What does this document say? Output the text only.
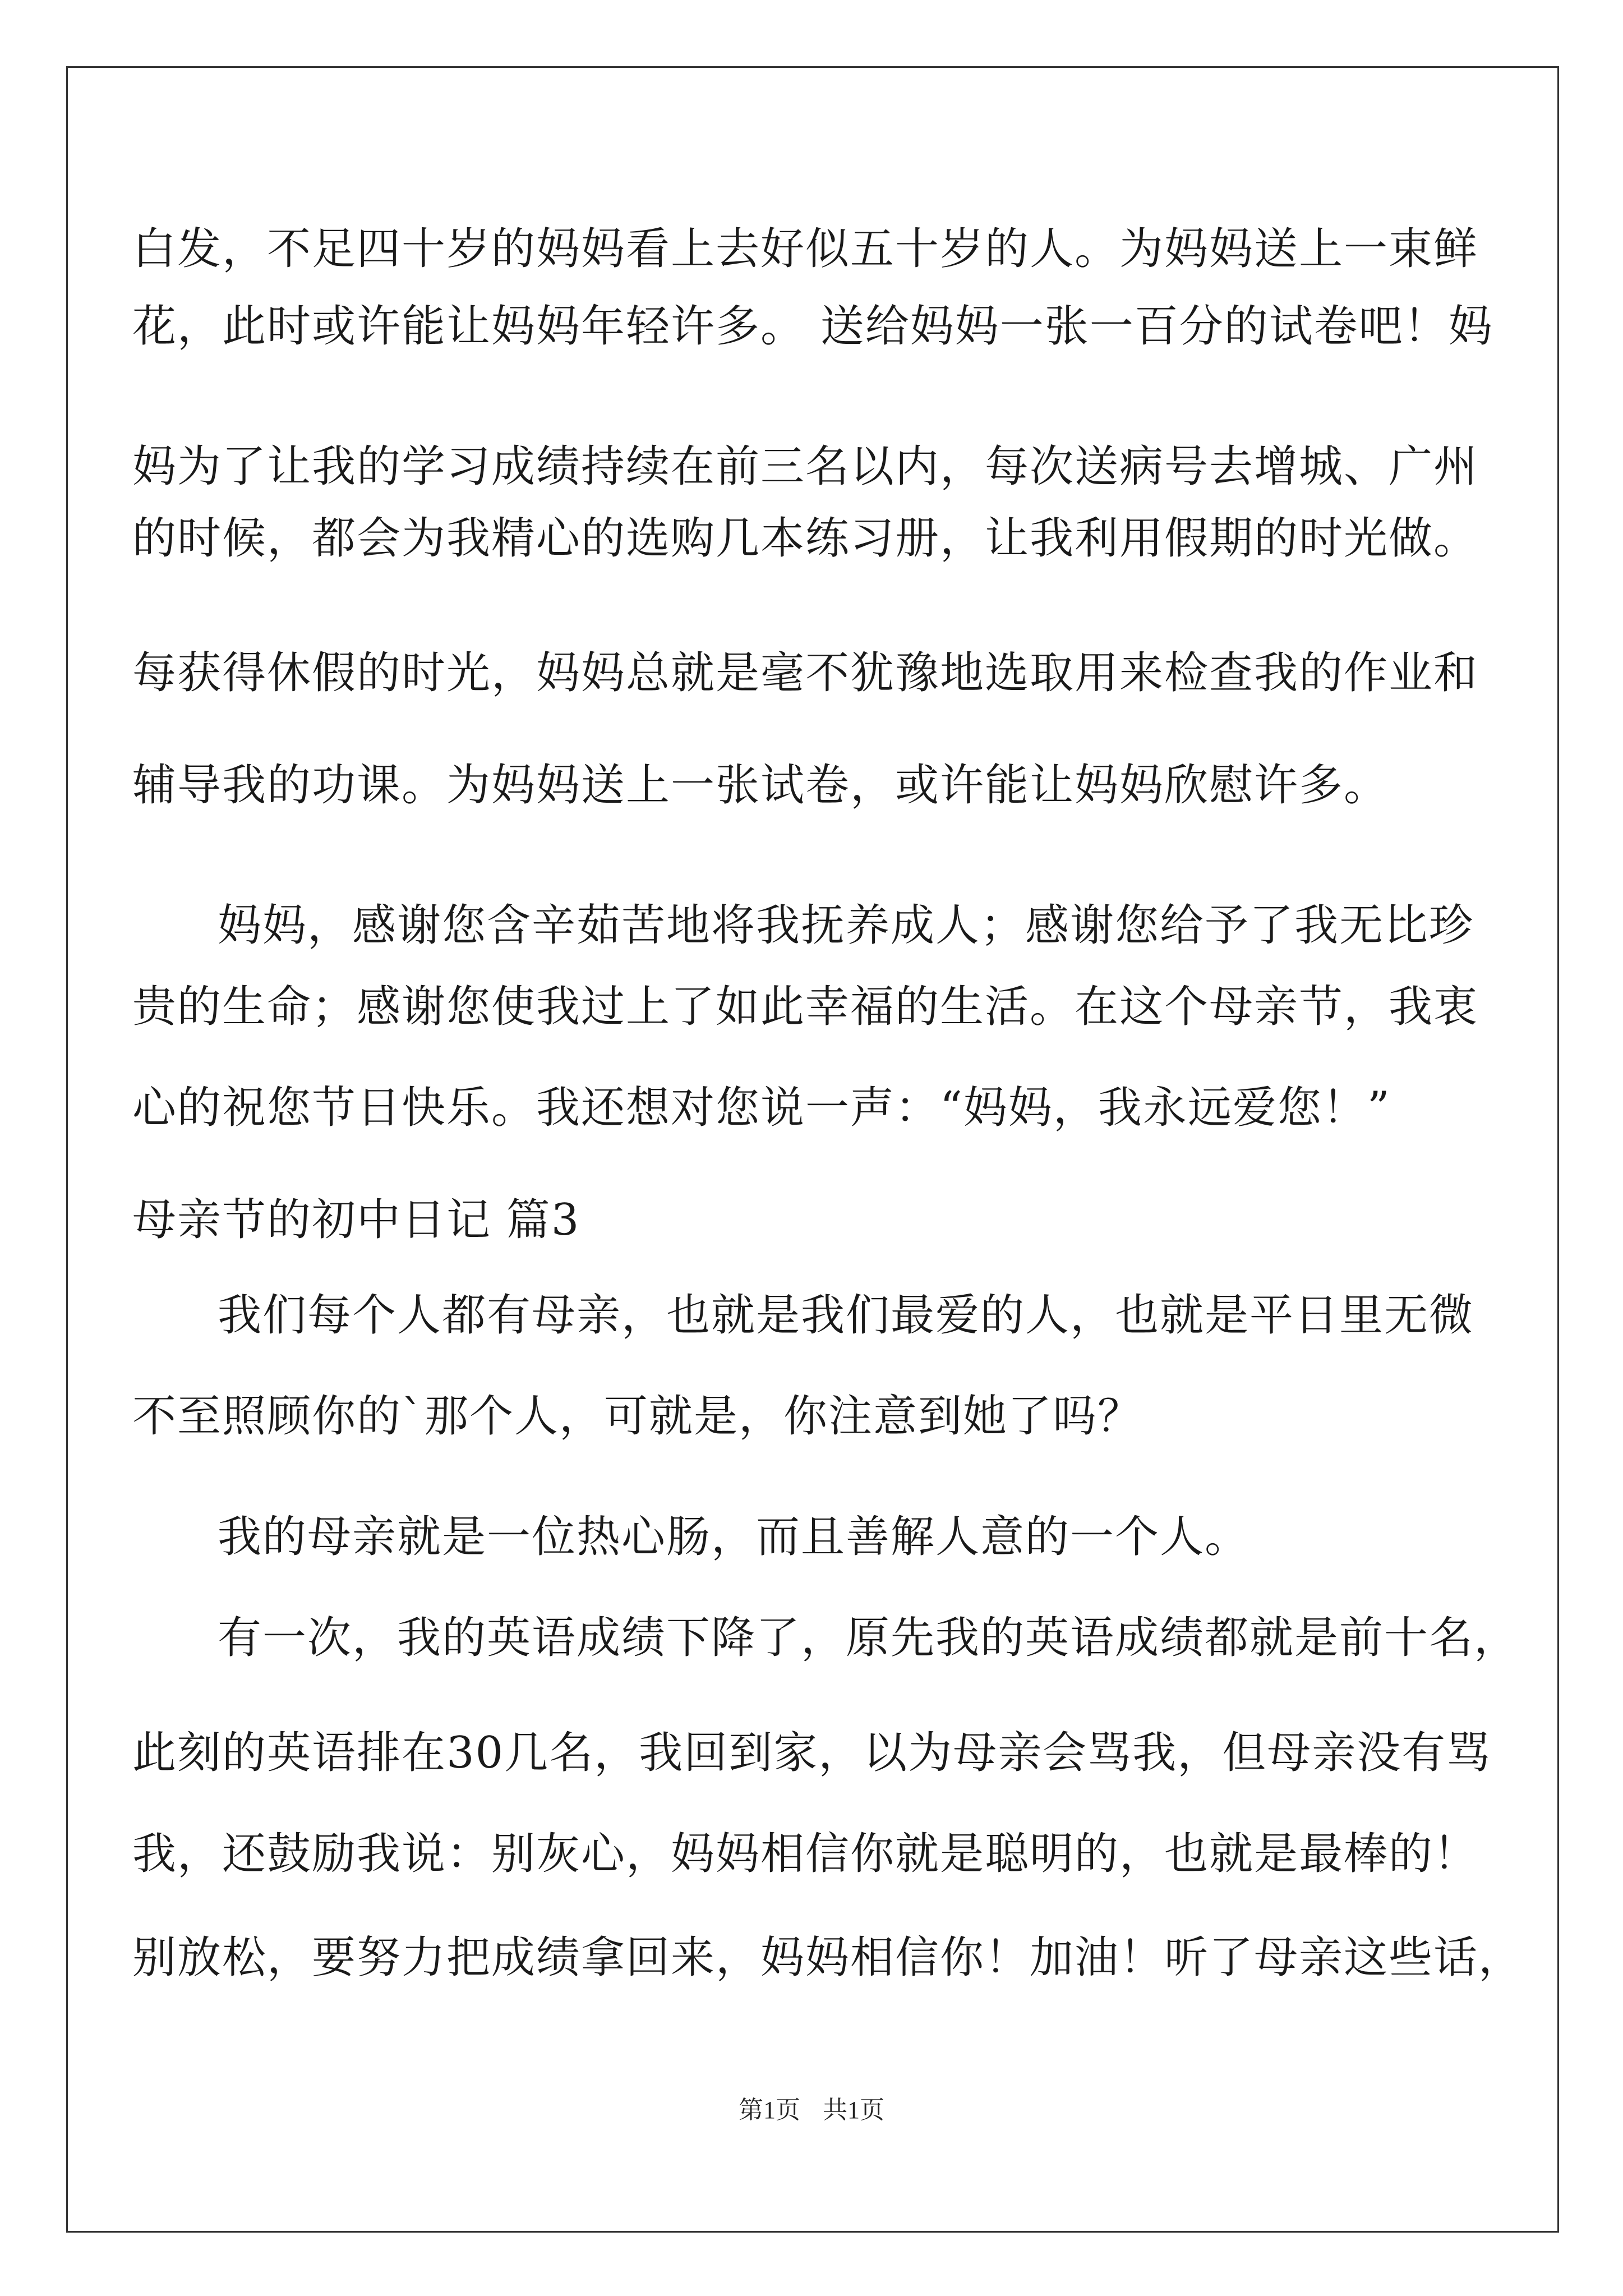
白发，不足四十岁的妈妈看上去好似五十岁的人。为妈妈送上一束鲜
花，此时或许能让妈妈年轻许多。 送给妈妈一张一百分的试卷吧！妈
妈为了让我的学习成绩持续在前三名以内，每次送病号去增城、广州
的时候，都会为我精心的选购几本练习册，让我利用假期的时光做。
每获得休假的时光，妈妈总就是毫不犹豫地选取用来检查我的作业和
辅导我的功课。为妈妈送上一张试卷，或许能让妈妈欣慰许多。
妈妈，感谢您含辛茹苦地将我抚养成人；感谢您给予了我无比珍
贵的生命；感谢您使我过上了如此幸福的生活。在这个母亲节，我衷
心的祝您节日快乐。我还想对您说一声：“妈妈，我永远爱您！”
母亲节的初中日记 篇3
我们每个人都有母亲，也就是我们最爱的人，也就是平日里无微
不至照顾你的`那个人，可就是，你注意到她了吗？
我的母亲就是一位热心肠，而且善解人意的一个人。
有一次，我的英语成绩下降了，原先我的英语成绩都就是前十名，
此刻的英语排在30几名，我回到家，以为母亲会骂我，但母亲没有骂
我，还鼓励我说：别灰心，妈妈相信你就是聪明的，也就是最棒的！
别放松，要努力把成绩拿回来，妈妈相信你！加油！听了母亲这些话，
第1页 共1页
